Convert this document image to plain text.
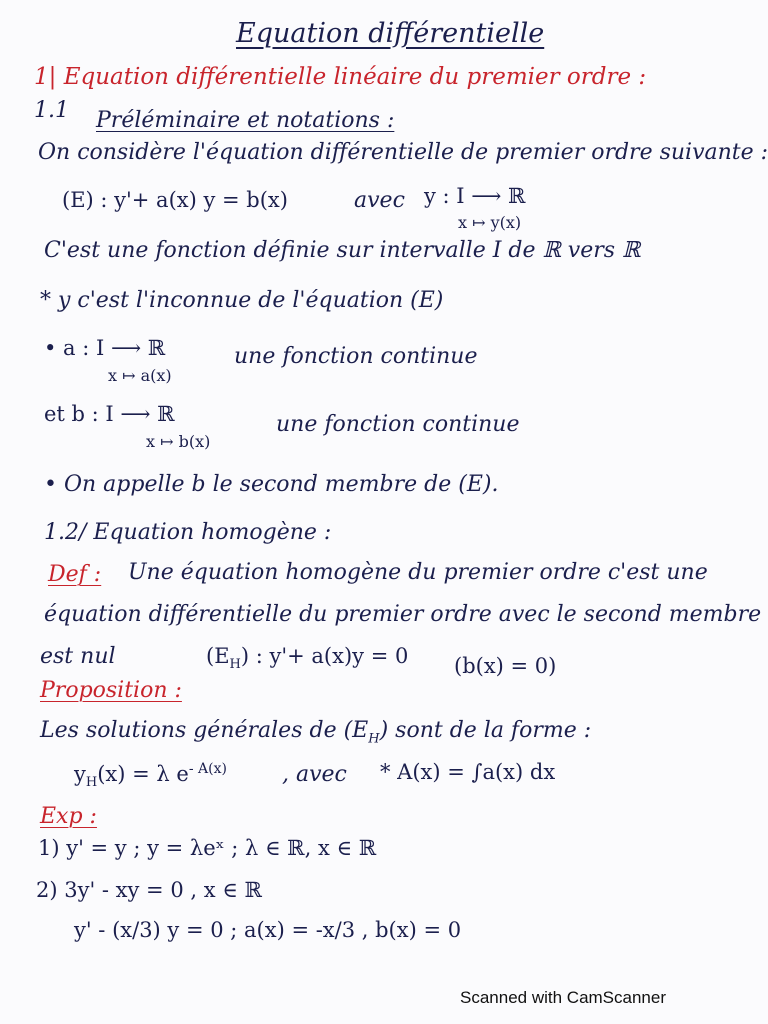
Equation différentielle
1| Equation différentielle linéaire du premier ordre :
1.1 Préléminaire et notations :
On considère l'équation différentielle de premier ordre suivante :
(E) : y'+ a(x) y = b(x)	avec y : I ⟶ ℝ
x ↦ y(x)
C'est une fonction définie sur intervalle I de ℝ vers ℝ
* y c'est l'inconnue de l'équation (E)
• a : I ⟶ ℝ
x ↦ a(x)
une fonction continue
et b : I ⟶ ℝ
x ↦ b(x)
une fonction continue
• On appelle b le second membre de (E).
1.2/ Equation homogène :
Def : Une équation homogène du premier ordre c'est une
équation différentielle du premier ordre avec le second membre
est nul	$(E_H)$ : y'+ a(x)y = 0 (b(x) = 0)
Proposition :
Les solutions générales de $(E_H)$ sont de la forme :
$y_H(x) = \lambda$ $e^{- A(x)}$	, avec * A(x) = ∫a(x) dx
Exp :
1) y' = y ; y = λeˣ ; λ ∈ ℝ, x ∈ ℝ
2) 3y' - xy = 0 , x ∈ ℝ
y' - (x/3) y = 0 ; a(x) = -x/3 , b(x) = 0
Scanned with CamScanner
